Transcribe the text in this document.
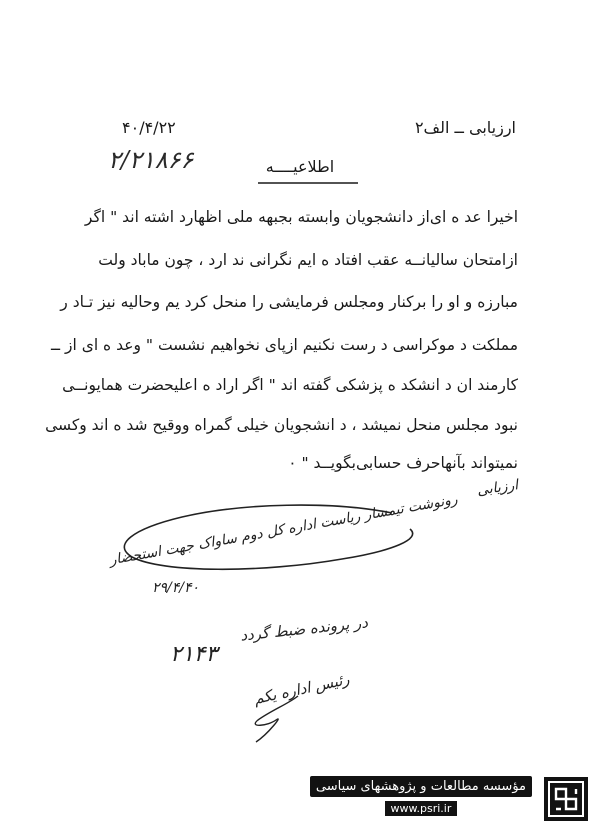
ارزیابی ــ الف۲
۴۰/۴/۲۲
۲/۲۱۸۶۶	اطلاعیــــه
اخیرا عد ه ای‌از دانشجویان وابسته بجبهه ملی اظهارد اشته اند " اگر
ازامتحان سالیانــه عقب افتاد ه ایم نگرانی ند ارد ، چون ماباد ولت
مبارزه و او را برکنار ومجلس فرمایشی را منحل کرد یم وحالیه نیز تـاد ر
مملکت د موکراسی د رست نکنیم ازپای نخواهیم نشست " وعد ه ای از ــ
کارمند ان د انشکد ه پزشکی گفته اند " اگر اراد ه اعلیحضرت همایونــی
نبود مجلس منحل نمیشد ، د انشجویان خیلی گمراه ووقیح شد ه اند وکسی
نمیتواند بآنهاحرف حسابی‌بگویــد " ٠
ارزیابی
رونوشت تیمسار ریاست اداره کل دوم ساواک جهت استحضار
۲۹/۴/۴۰
در پرونده ضبط گردد
۲۱۴۳
رئیس اداره یکم
مؤسسه مطالعات و پژوهشهای سیاسی
www.psri.ir
